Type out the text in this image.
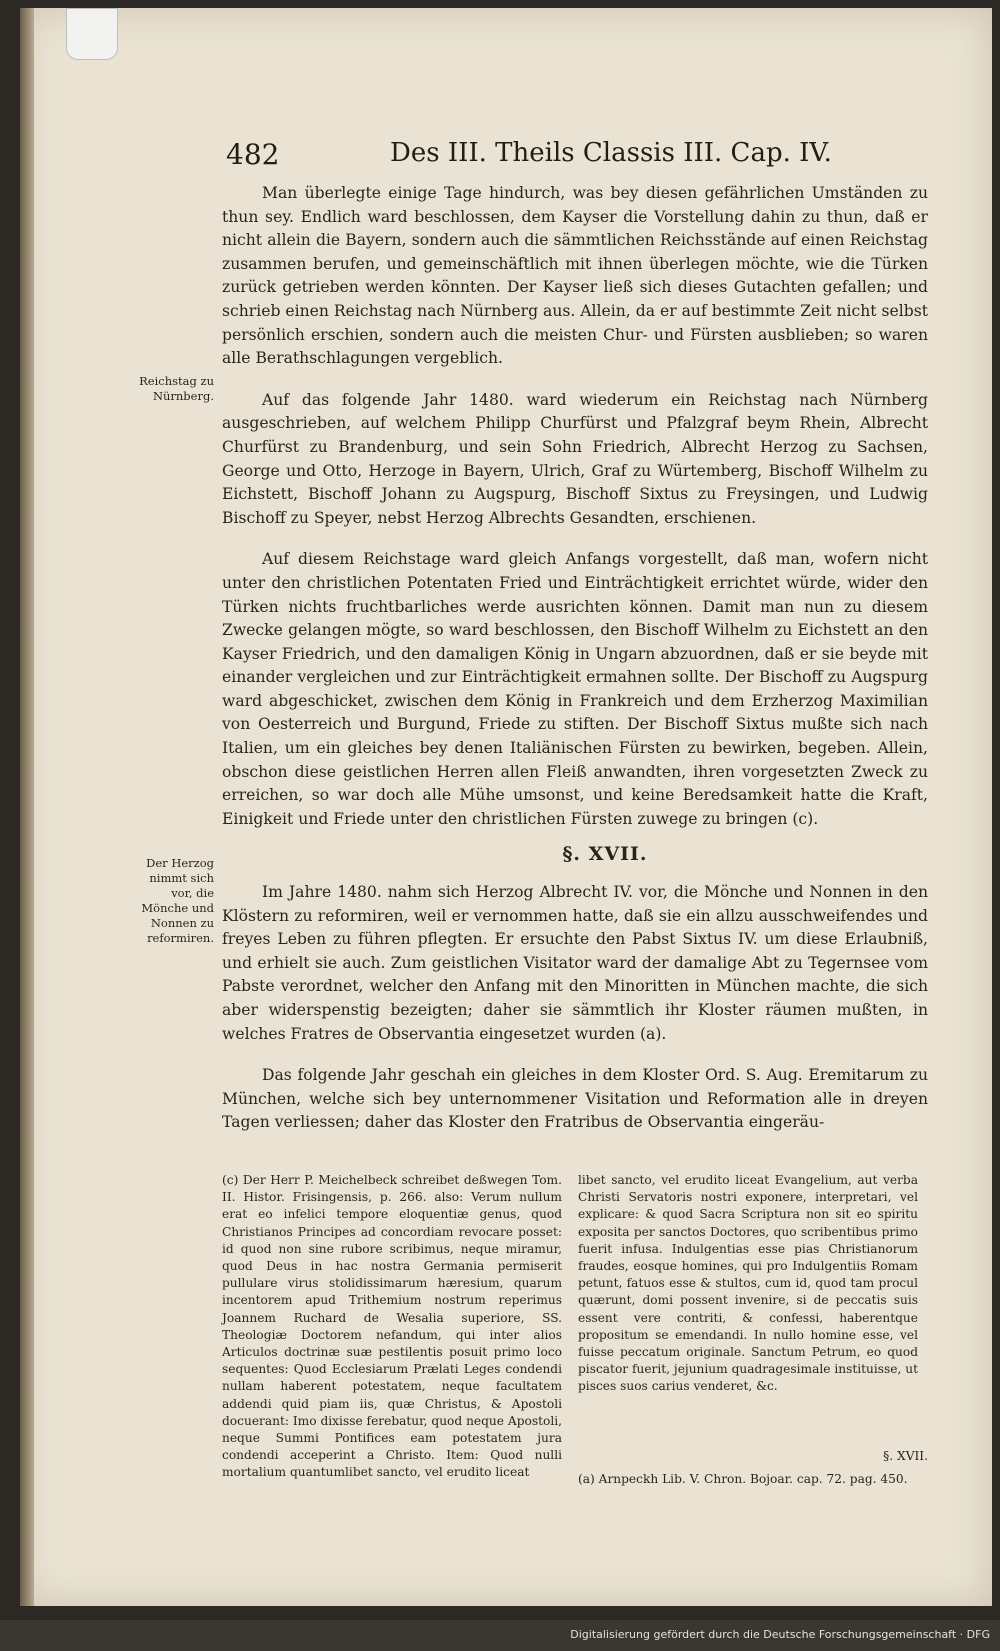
482	Des III. Theils Classis III. Cap. IV.
Reichstag zu Nürnberg.
Der Herzog nimmt sich vor, die Mönche und Nonnen zu reformiren.

Man überlegte einige Tage hindurch, was bey diesen gefährlichen Umständen zu thun sey. Endlich ward beschlossen, dem Kayser die Vorstellung dahin zu thun, daß er nicht allein die Bayern, sondern auch die sämmtlichen Reichsstände auf einen Reichstag zusammen berufen, und gemeinschäftlich mit ihnen überlegen möchte, wie die Türken zurück getrieben werden könnten. Der Kayser ließ sich dieses Gutachten gefallen; und schrieb einen Reichstag nach Nürnberg aus. Allein, da er auf bestimmte Zeit nicht selbst persönlich erschien, sondern auch die meisten Chur- und Fürsten ausblieben; so waren alle Berathschlagungen vergeblich.

Auf das folgende Jahr 1480. ward wiederum ein Reichstag nach Nürnberg ausgeschrieben, auf welchem Philipp Churfürst und Pfalzgraf beym Rhein, Albrecht Churfürst zu Brandenburg, und sein Sohn Friedrich, Albrecht Herzog zu Sachsen, George und Otto, Herzoge in Bayern, Ulrich, Graf zu Würtemberg, Bischoff Wilhelm zu Eichstett, Bischoff Johann zu Augspurg, Bischoff Sixtus zu Freysingen, und Ludwig Bischoff zu Speyer, nebst Herzog Albrechts Gesandten, erschienen.

Auf diesem Reichstage ward gleich Anfangs vorgestellt, daß man, wofern nicht unter den christlichen Potentaten Fried und Einträchtigkeit errichtet würde, wider den Türken nichts fruchtbarliches werde ausrichten können. Damit man nun zu diesem Zwecke gelangen mögte, so ward beschlossen, den Bischoff Wilhelm zu Eichstett an den Kayser Friedrich, und den damaligen König in Ungarn abzuordnen, daß er sie beyde mit einander vergleichen und zur Einträchtigkeit ermahnen sollte. Der Bischoff zu Augspurg ward abgeschicket, zwischen dem König in Frankreich und dem Erzherzog Maximilian von Oesterreich und Burgund, Friede zu stiften. Der Bischoff Sixtus mußte sich nach Italien, um ein gleiches bey denen Italiänischen Fürsten zu bewirken, begeben. Allein, obschon diese geistlichen Herren allen Fleiß anwandten, ihren vorgesetzten Zweck zu erreichen, so war doch alle Mühe umsonst, und keine Beredsamkeit hatte die Kraft, Einigkeit und Friede unter den christlichen Fürsten zuwege zu bringen (c).

§. XVII.

Im Jahre 1480. nahm sich Herzog Albrecht IV. vor, die Mönche und Nonnen in den Klöstern zu reformiren, weil er vernommen hatte, daß sie ein allzu ausschweifendes und freyes Leben zu führen pflegten. Er ersuchte den Pabst Sixtus IV. um diese Erlaubniß, und erhielt sie auch. Zum geistlichen Visitator ward der damalige Abt zu Tegernsee vom Pabste verordnet, welcher den Anfang mit den Minoritten in München machte, die sich aber widerspenstig bezeigten; daher sie sämmtlich ihr Kloster räumen mußten, in welches Fratres de Observantia eingesetzet wurden (a).

Das folgende Jahr geschah ein gleiches in dem Kloster Ord. S. Aug. Eremitarum zu München, welche sich bey unternommener Visitation und Reformation alle in dreyen Tagen verliessen; daher das Kloster den Fratribus de Observantia eingeräu-

(c) Der Herr P. Meichelbeck schreibet deßwegen Tom. II. Histor. Frisingensis, p. 266. also: Verum nullum erat eo infelici tempore eloquentiæ genus, quod Christianos Principes ad concordiam revocare posset: id quod non sine rubore scribimus, neque miramur, quod Deus in hac nostra Germania permiserit pullulare virus stolidissimarum hæresium, quarum incentorem apud Trithemium nostrum reperimus Joannem Ruchard de Wesalia superiore, SS. Theologiæ Doctorem nefandum, qui inter alios Articulos doctrinæ suæ pestilentis posuit primo loco sequentes: Quod Ecclesiarum Prælati Leges condendi nullam haberent potestatem, neque facultatem addendi quid piam iis, quæ Christus, & Apostoli docuerant: Imo dixisse ferebatur, quod neque Apostoli, neque Summi Pontifices eam potestatem jura condendi acceperint a Christo. Item: Quod nulli mortalium quantumlibet sancto, vel erudito liceat

libet sancto, vel erudito liceat Evangelium, aut verba Christi Servatoris nostri exponere, interpretari, vel explicare: & quod Sacra Scriptura non sit eo spiritu exposita per sanctos Doctores, quo scribentibus primo fuerit infusa. Indulgentias esse pias Christianorum fraudes, eosque homines, qui pro Indulgentiis Romam petunt, fatuos esse & stultos, cum id, quod tam procul quærunt, domi possent invenire, si de peccatis suis essent vere contriti, & confessi, haberentque propositum se emendandi. In nullo homine esse, vel fuisse peccatum originale. Sanctum Petrum, eo quod piscator fuerit, jejunium quadragesimale instituisse, ut pisces suos carius venderet, &c.

§. XVII.

(a) Arnpeckh Lib. V. Chron. Bojoar. cap. 72. pag. 450.

Digitalisierung gefördert durch die Deutsche Forschungsgemeinschaft · DFG
